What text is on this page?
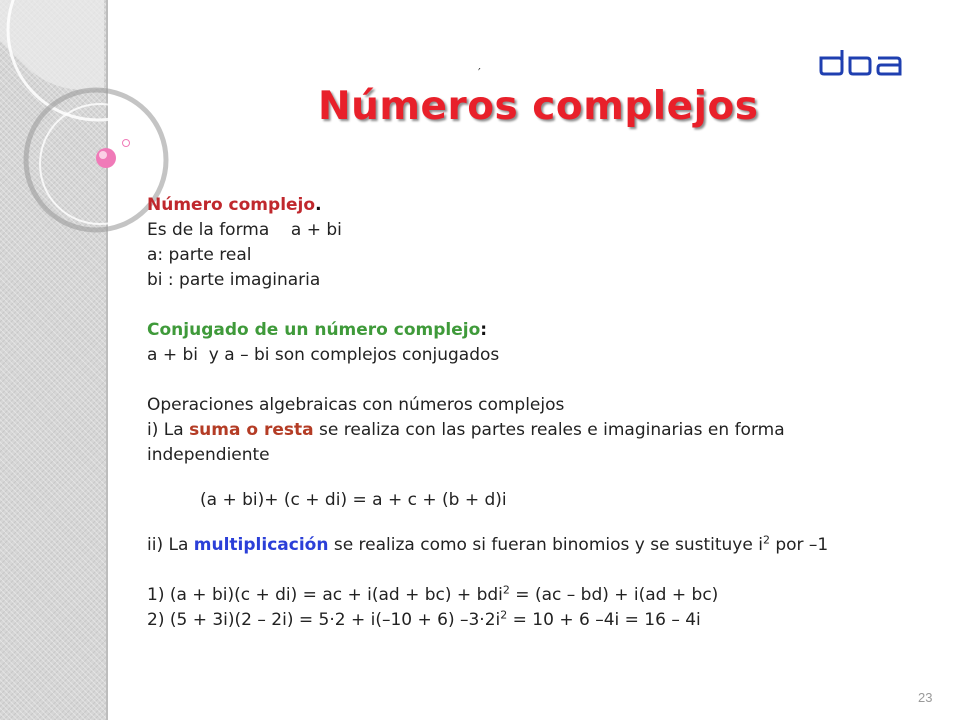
′
Números complejos

Número complejo.

Es de la forma    a + bi

a: parte real

bi : parte imaginaria

Conjugado de un número complejo:

a + bi  y a – bi son complejos conjugados

Operaciones algebraicas con números complejos

i) La suma o resta se realiza con las partes reales e imaginarias en forma

independiente

(a + bi)+ (c + di) = a + c + (b + d)i

ii) La multiplicación se realiza como si fueran binomios y se sustituye $i^2$ por –1

1) (a + bi)(c + di) = ac + i(ad + bc) + bdi$^2$ = (ac – bd) + i(ad + bc)

2) (5 + 3i)(2 – 2i) = 5·2 + i(–10 + 6) $-3\cdot 2i^2 = 10 + 6$ –4i = 16 – 4i

23
